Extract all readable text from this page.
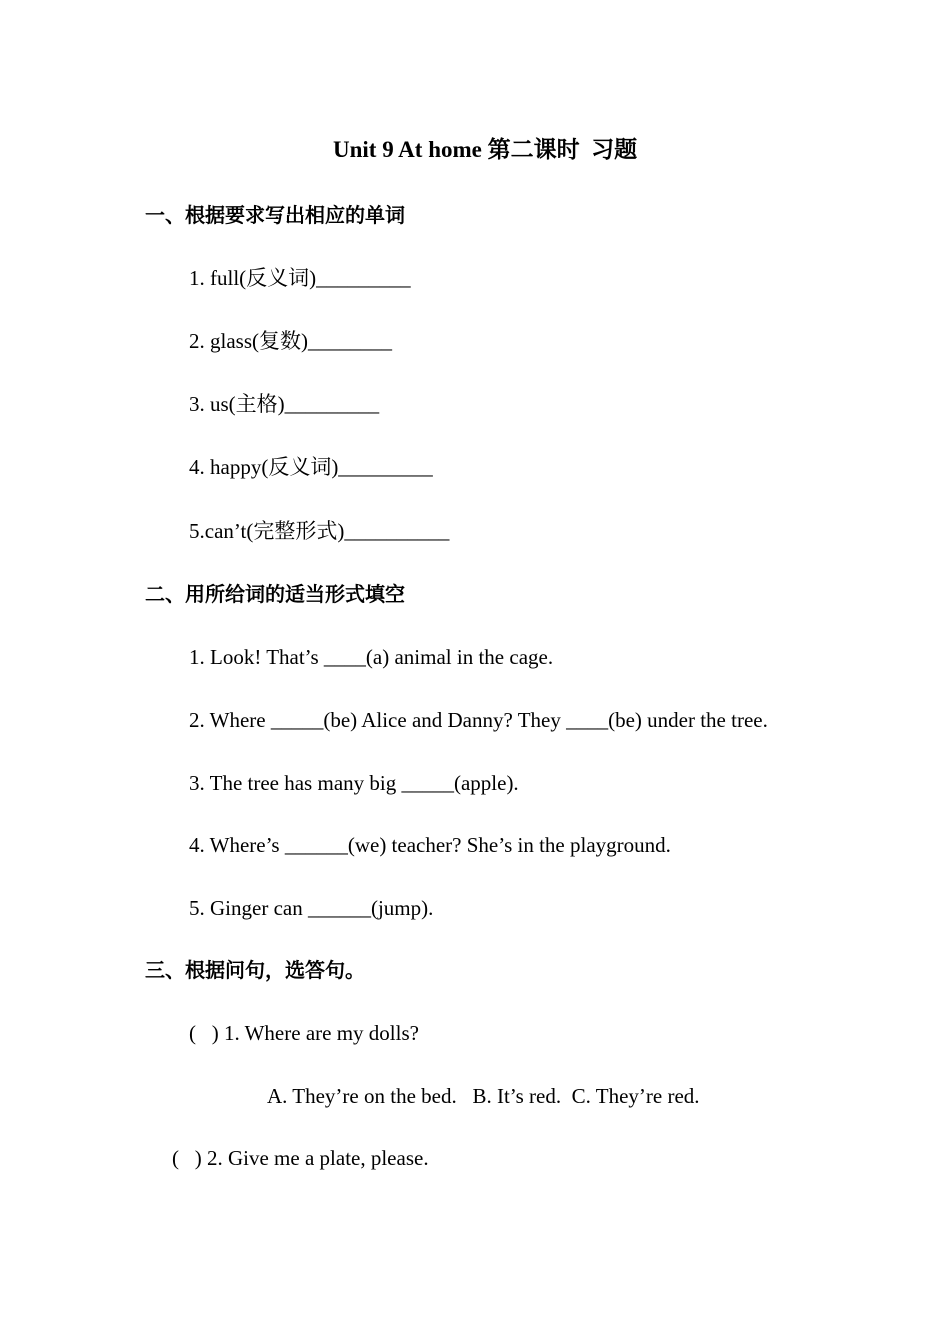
Unit 9 At home 第二课时  习题
一、根据要求写出相应的单词
1. full(反义词)_________
2. glass(复数)________
3. us(主格)_________
4. happy(反义词)_________
5.can’t(完整形式)__________
二、用所给词的适当形式填空
1. Look! That’s ____(a) animal in the cage.
2. Where _____(be) Alice and Danny? They ____(be) under the tree.
3. The tree has many big _____(apple).
4. Where’s ______(we) teacher? She’s in the playground.
5. Ginger can ______(jump).
三、根据问句，选答句。
(   ) 1. Where are my dolls?
A. They’re on the bed.   B. It’s red.  C. They’re red.
(   ) 2. Give me a plate, please.
